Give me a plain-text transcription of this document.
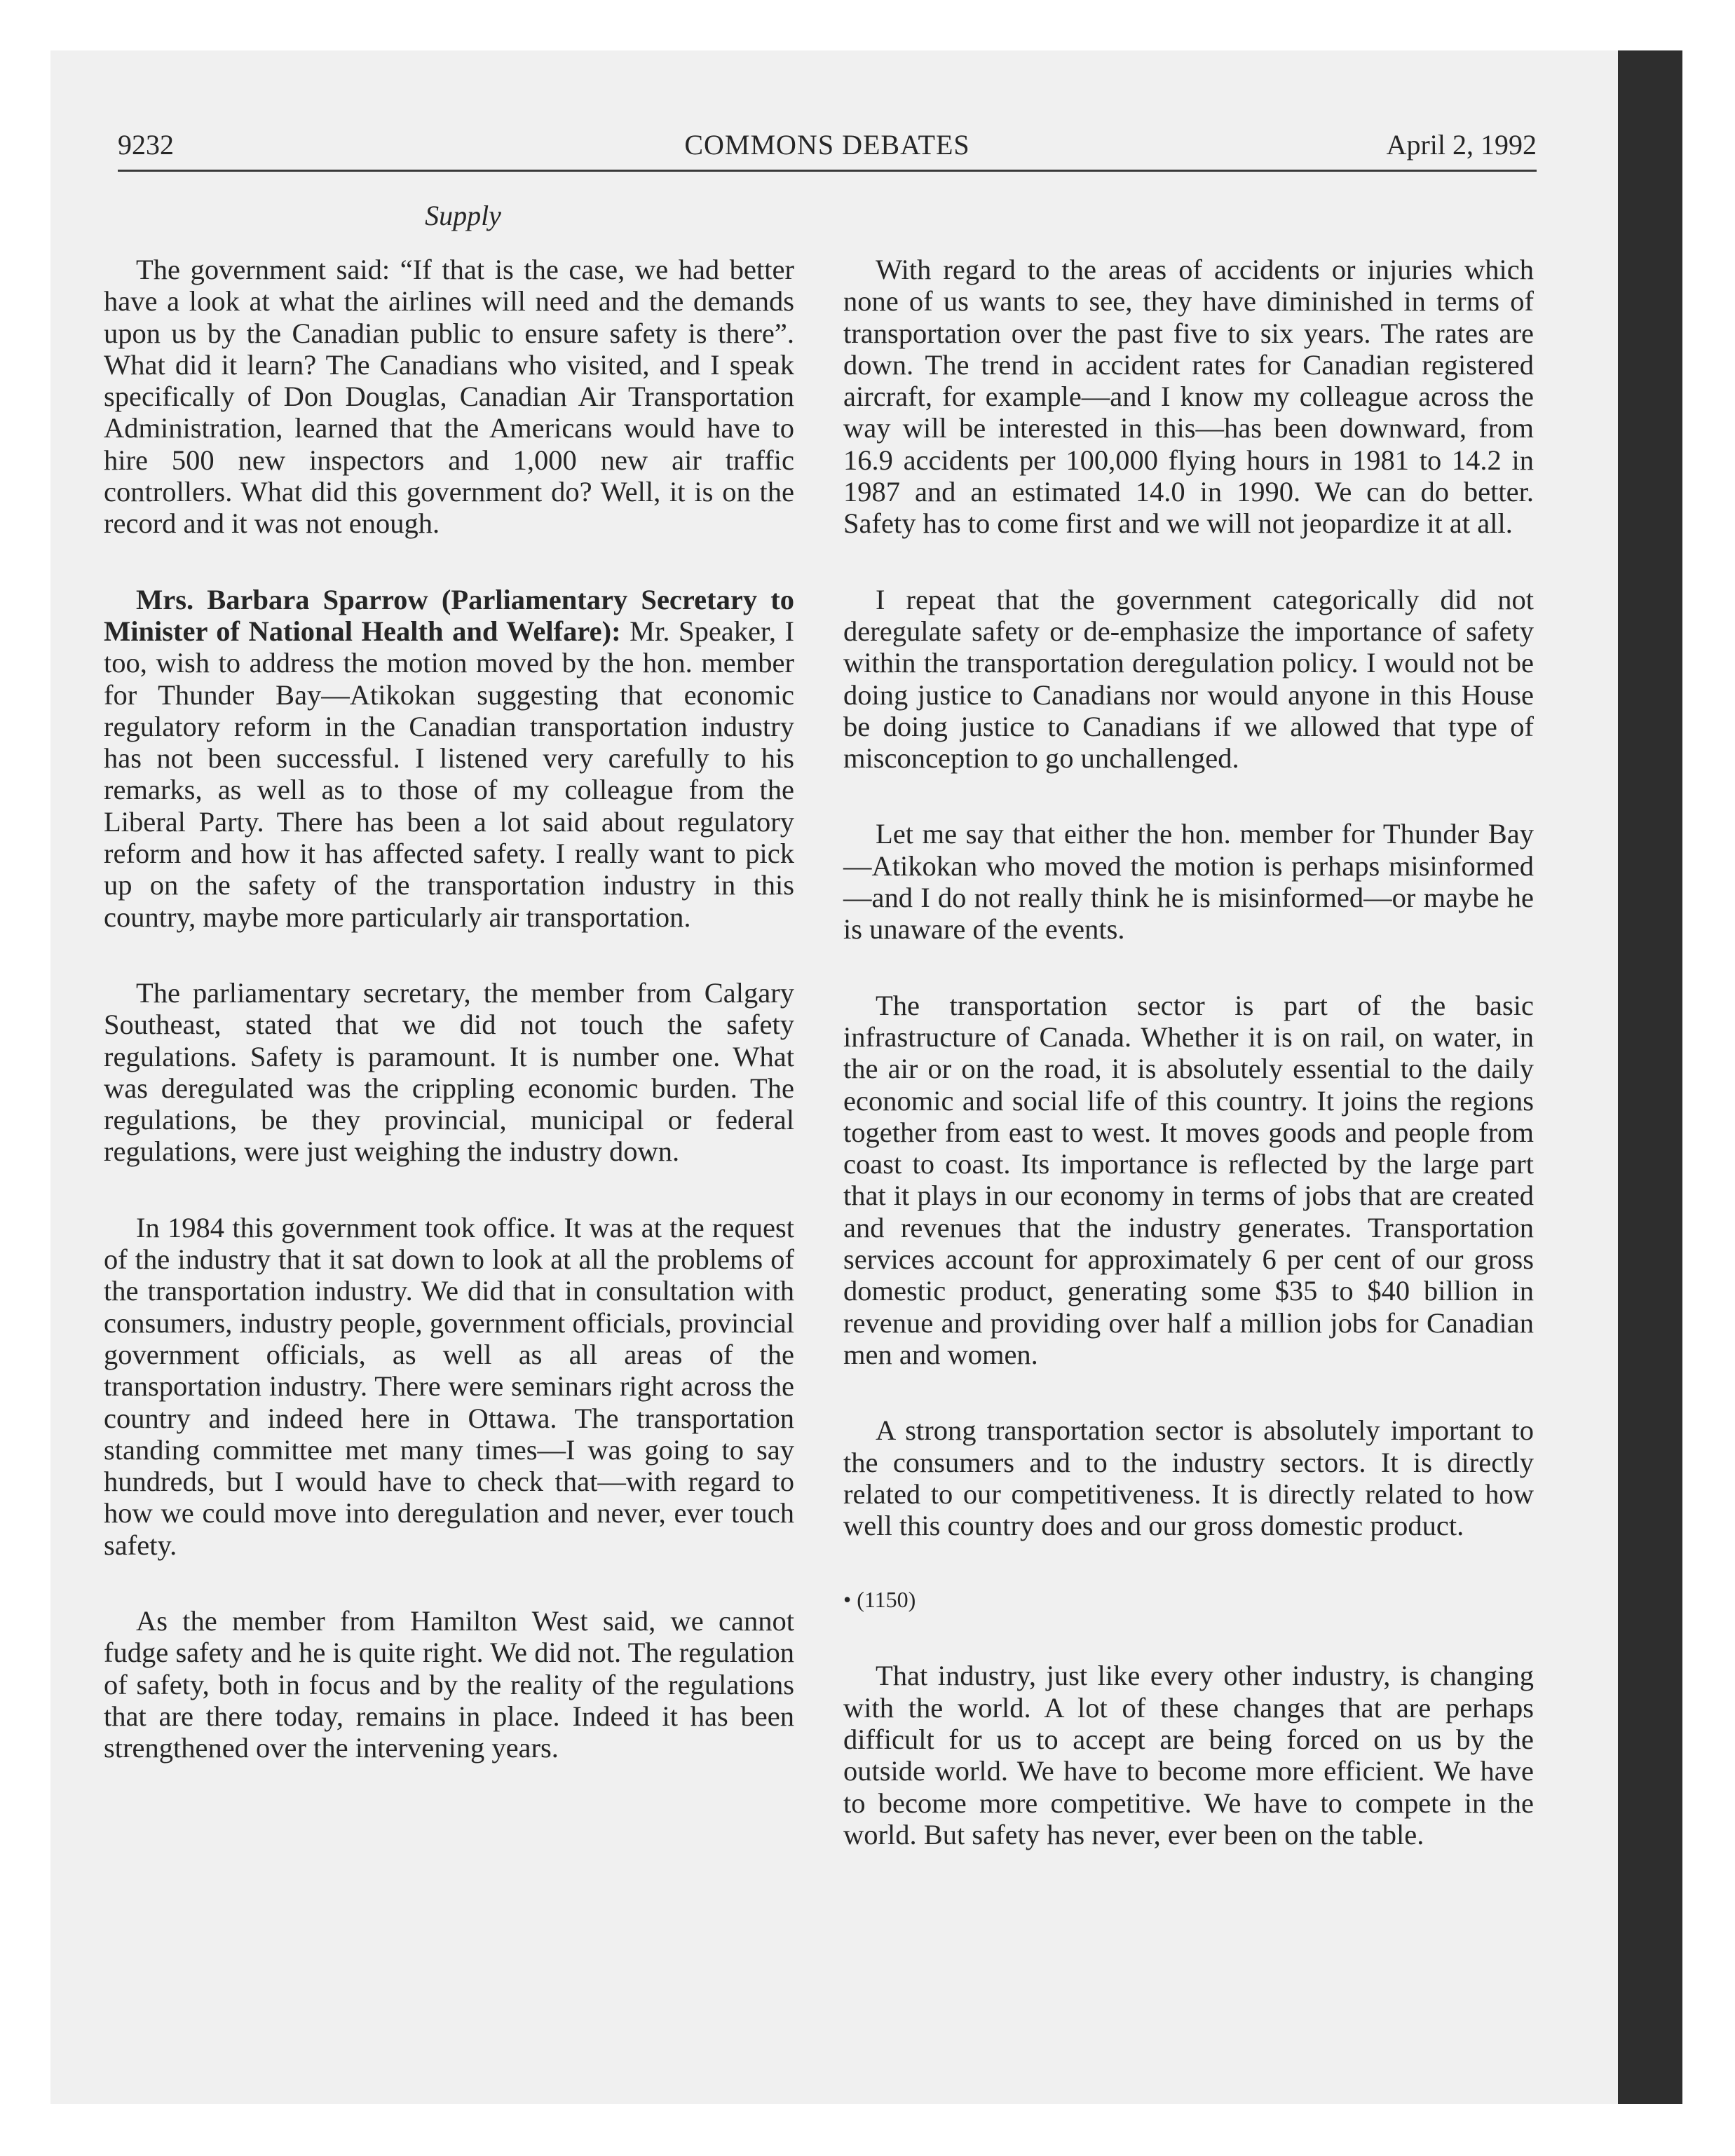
9232	COMMONS DEBATES	April 2, 1992
Supply

The government said: “If that is the case, we had better have a look at what the airlines will need and the demands upon us by the Canadian public to ensure safety is there”. What did it learn? The Canadians who visited, and I speak specifically of Don Douglas, Canadian Air Transportation Administration, learned that the Americans would have to hire 500 new inspectors and 1,000 new air traffic controllers. What did this government do? Well, it is on the record and it was not enough.

Mrs. Barbara Sparrow (Parliamentary Secretary to Minister of National Health and Welfare): Mr. Speaker, I too, wish to address the motion moved by the hon. member for Thunder Bay—Atikokan suggesting that economic regulatory reform in the Canadian transportation industry has not been successful. I listened very carefully to his remarks, as well as to those of my colleague from the Liberal Party. There has been a lot said about regulatory reform and how it has affected safety. I really want to pick up on the safety of the transportation industry in this country, maybe more particularly air transportation.

The parliamentary secretary, the member from Calgary Southeast, stated that we did not touch the safety regulations. Safety is paramount. It is number one. What was deregulated was the crippling economic burden. The regulations, be they provincial, municipal or federal regulations, were just weighing the industry down.

In 1984 this government took office. It was at the request of the industry that it sat down to look at all the problems of the transportation industry. We did that in consultation with consumers, industry people, government officials, provincial government officials, as well as all areas of the transportation industry. There were seminars right across the country and indeed here in Ottawa. The transportation standing committee met many times—I was going to say hundreds, but I would have to check that—with regard to how we could move into deregulation and never, ever touch safety.

As the member from Hamilton West said, we cannot fudge safety and he is quite right. We did not. The regulation of safety, both in focus and by the reality of the regulations that are there today, remains in place. Indeed it has been strengthened over the intervening years.

With regard to the areas of accidents or injuries which none of us wants to see, they have diminished in terms of transportation over the past five to six years. The rates are down. The trend in accident rates for Canadian registered aircraft, for example—and I know my colleague across the way will be interested in this—has been downward, from 16.9 accidents per 100,000 flying hours in 1981 to 14.2 in 1987 and an estimated 14.0 in 1990. We can do better. Safety has to come first and we will not jeopardize it at all.

I repeat that the government categorically did not deregulate safety or de-emphasize the importance of safety within the transportation deregulation policy. I would not be doing justice to Canadians nor would anyone in this House be doing justice to Canadians if we allowed that type of misconception to go unchallenged.

Let me say that either the hon. member for Thunder Bay—Atikokan who moved the motion is perhaps misinformed—and I do not really think he is misinformed—or maybe he is unaware of the events.

The transportation sector is part of the basic infrastructure of Canada. Whether it is on rail, on water, in the air or on the road, it is absolutely essential to the daily economic and social life of this country. It joins the regions together from east to west. It moves goods and people from coast to coast. Its importance is reflected by the large part that it plays in our economy in terms of jobs that are created and revenues that the industry generates. Transportation services account for approximately 6 per cent of our gross domestic product, generating some $35 to $40 billion in revenue and providing over half a million jobs for Canadian men and women.

A strong transportation sector is absolutely important to the consumers and to the industry sectors. It is directly related to our competitiveness. It is directly related to how well this country does and our gross domestic product.

• (1150)

That industry, just like every other industry, is changing with the world. A lot of these changes that are perhaps difficult for us to accept are being forced on us by the outside world. We have to become more efficient. We have to become more competitive. We have to compete in the world. But safety has never, ever been on the table.
